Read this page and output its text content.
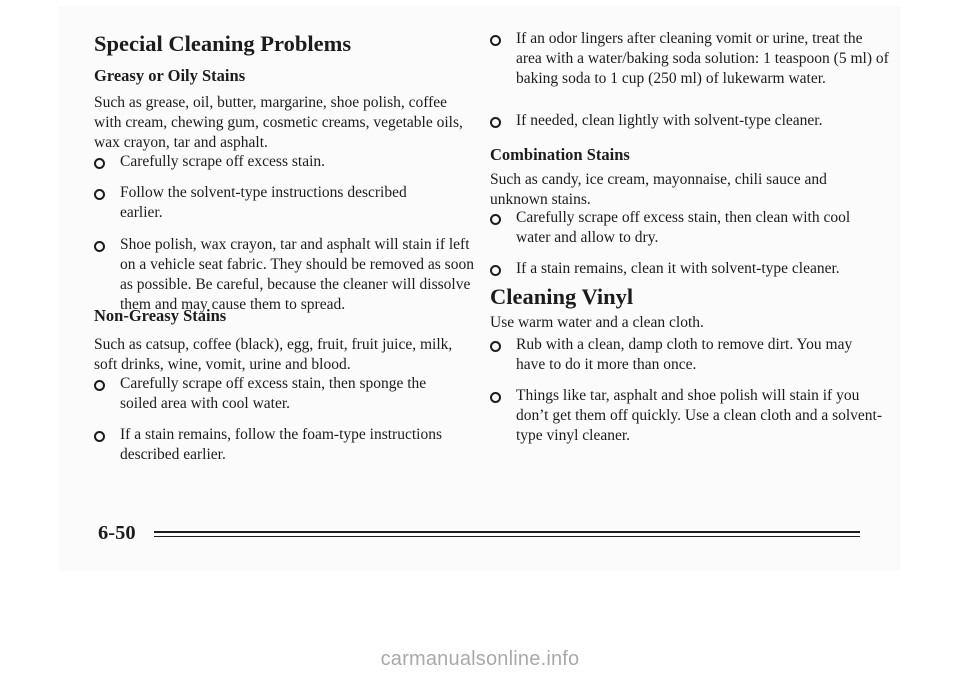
Special Cleaning Problems
Greasy or Oily Stains

Such as grease, oil, butter, margarine, shoe polish, coffee with cream, chewing gum, cosmetic creams, vegetable oils, wax crayon, tar and asphalt.

Carefully scrape off excess stain.
Follow the solvent-type instructions described earlier.
Shoe polish, wax crayon, tar and asphalt will stain if left on a vehicle seat fabric. They should be removed as soon as possible. Be careful, because the cleaner will dissolve them and may cause them to spread.
Non-Greasy Stains

Such as catsup, coffee (black), egg, fruit, fruit juice, milk, soft drinks, wine, vomit, urine and blood.

Carefully scrape off excess stain, then sponge the soiled area with cool water.
If a stain remains, follow the foam-type instructions described earlier.
If an odor lingers after cleaning vomit or urine, treat the area with a water/baking soda solution: 1 teaspoon (5 ml) of baking soda to 1 cup (250 ml) of lukewarm water.
If needed, clean lightly with solvent-type cleaner.
Combination Stains

Such as candy, ice cream, mayonnaise, chili sauce and unknown stains.

Carefully scrape off excess stain, then clean with cool water and allow to dry.
If a stain remains, clean it with solvent-type cleaner.
Cleaning Vinyl

Use warm water and a clean cloth.

Rub with a clean, damp cloth to remove dirt. You may have to do it more than once.
Things like tar, asphalt and shoe polish will stain if you don’t get them off quickly. Use a clean cloth and a solvent-type vinyl cleaner.
6-50
carmanualsonline.info
